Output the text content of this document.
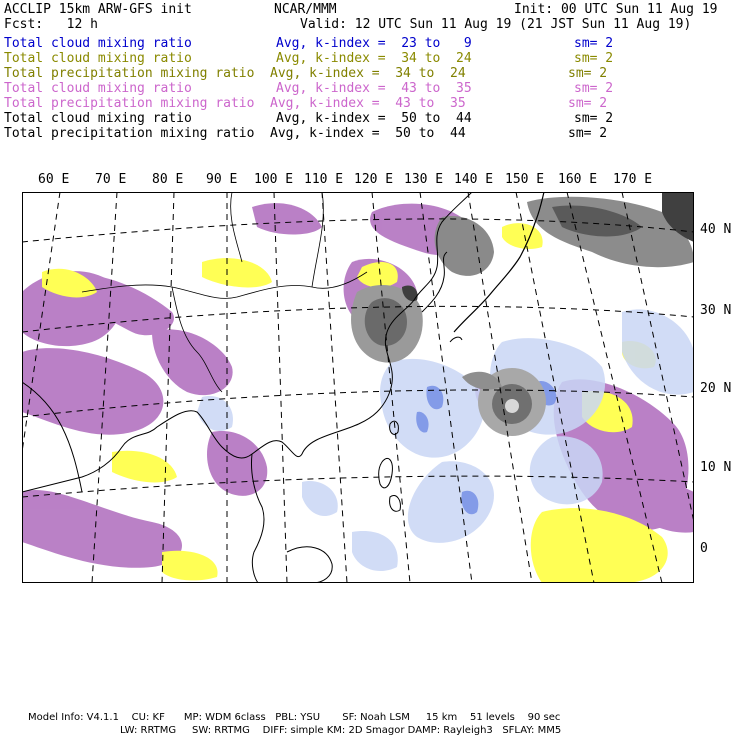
ACCLIP 15km ARW-GFS init	NCAR/MMM	Init: 00 UTC Sun 11 Aug 19
Fcst:   12 h	Valid: 12 UTC Sun 11 Aug 19 (21 JST Sun 11 Aug 19)
Total cloud mixing ratio	Avg, k-index =  23 to   9	sm= 2
Total cloud mixing ratio	Avg, k-index =  34 to  24	sm= 2
Total precipitation mixing ratio Avg, k-index =  34 to  24	sm= 2
Total cloud mixing ratio	Avg, k-index =  43 to  35	sm= 2
Total precipitation mixing ratio Avg, k-index =  43 to  35	sm= 2
Total cloud mixing ratio	Avg, k-index =  50 to  44	sm= 2
Total precipitation mixing ratio Avg, k-index =  50 to  44	sm= 2
60 E 70 E 80 E 90 E 100 E 110 E 120 E 130 E 140 E 150 E 160 E 170 E
40 N
30 N
20 N
10 N
0
Model Info: V4.1.1    CU: KF      MP: WDM 6class   PBL: YSU       SF: Noah LSM     15 km    51 levels    90 sec
LW: RRTMG     SW: RRTMG    DIFF: simple KM: 2D Smagor DAMP: Rayleigh3   SFLAY: MM5
